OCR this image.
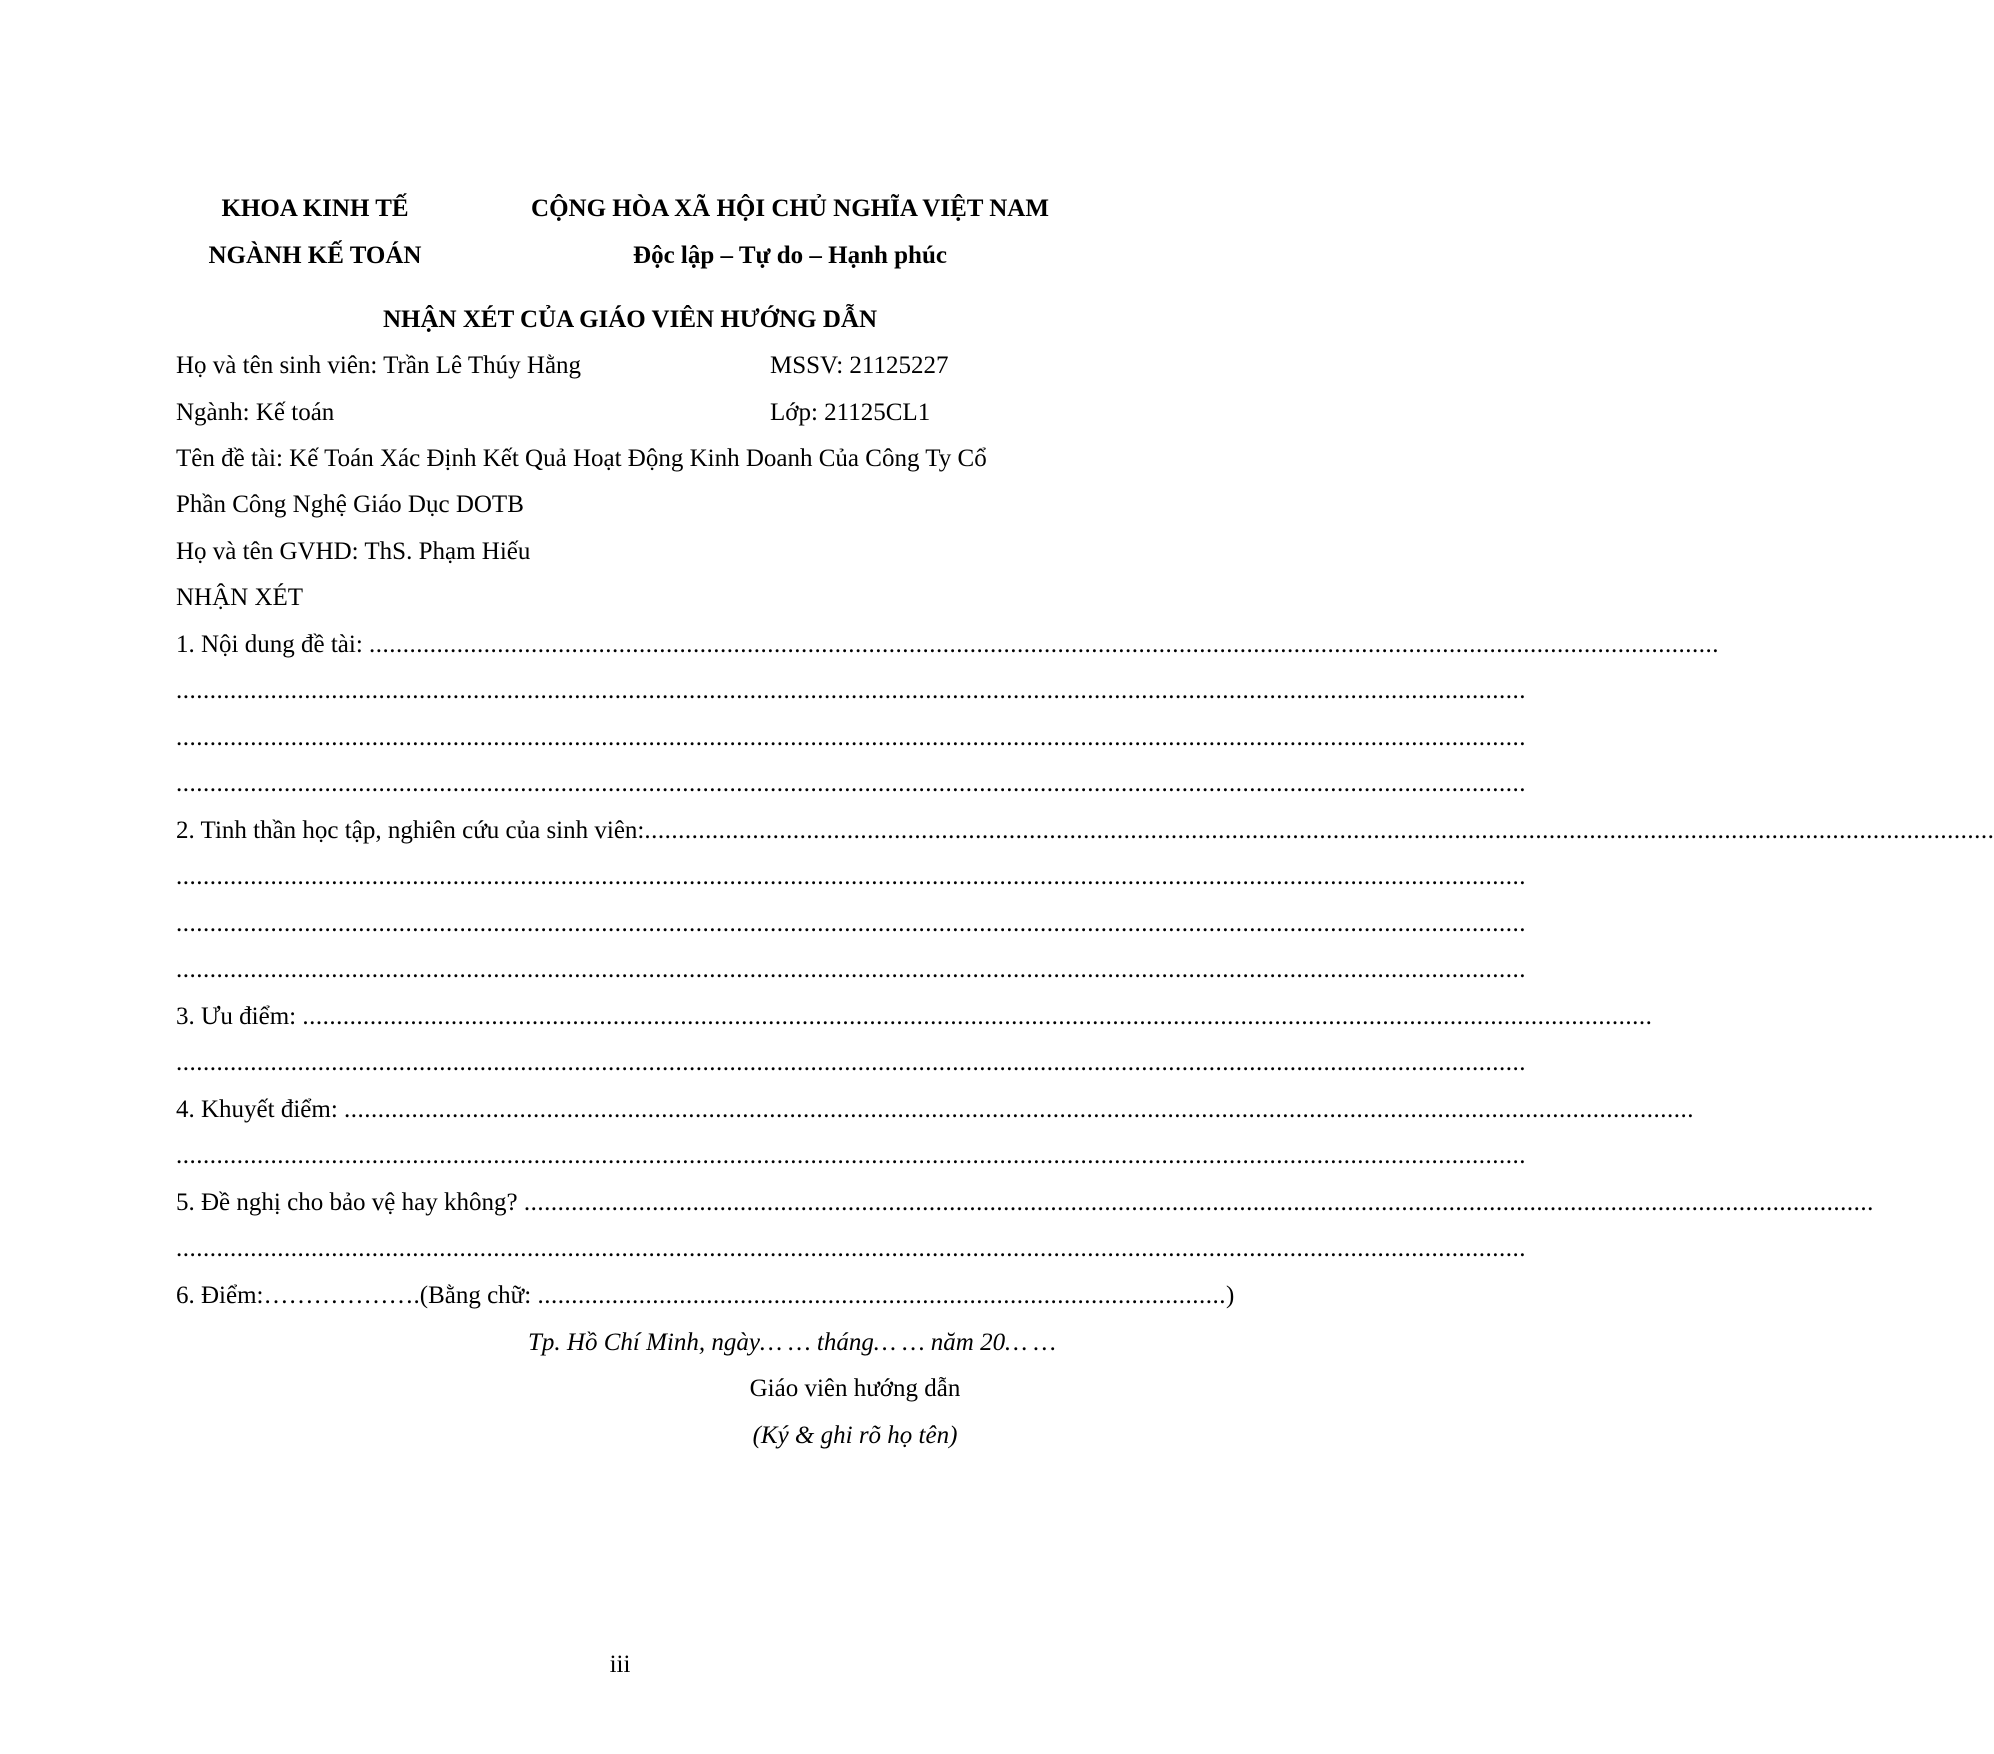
KHOA KINH TẾ
NGÀNH KẾ TOÁN
CỘNG HÒA XÃ HỘI CHỦ NGHĨA VIỆT NAM
Độc lập – Tự do – Hạnh phúc
NHẬN XÉT CỦA GIÁO VIÊN HƯỚNG DẪN
Họ và tên sinh viên: Trần Lê Thúy Hằng	MSSV: 21125227
Ngành: Kế toán	Lớp: 21125CL1
Tên đề tài: Kế Toán Xác Định Kết Quả Hoạt Động Kinh Doanh Của Công Ty Cổ
Phần Công Nghệ Giáo Dục DOTB
Họ và tên GVHD: ThS. Phạm Hiếu
NHẬN XÉT
1. Nội dung đề tài: ........................................................................................................................................................................................................
........................................................................................................................................................................................................
........................................................................................................................................................................................................
........................................................................................................................................................................................................
2. Tinh thần học tập, nghiên cứu của sinh viên:........................................................................................................................................................................................................
........................................................................................................................................................................................................
........................................................................................................................................................................................................
........................................................................................................................................................................................................
3. Ưu điểm: ........................................................................................................................................................................................................
........................................................................................................................................................................................................
4. Khuyết điểm: ........................................................................................................................................................................................................
........................................................................................................................................................................................................
5. Đề nghị cho bảo vệ hay không? ........................................................................................................................................................................................................
........................................................................................................................................................................................................
6. Điểm:……………….(Bằng chữ: ......................................................................................................)
Tp. Hồ Chí Minh, ngày… … tháng… … năm 20… …
Giáo viên hướng dẫn
(Ký & ghi rõ họ tên)
iii
